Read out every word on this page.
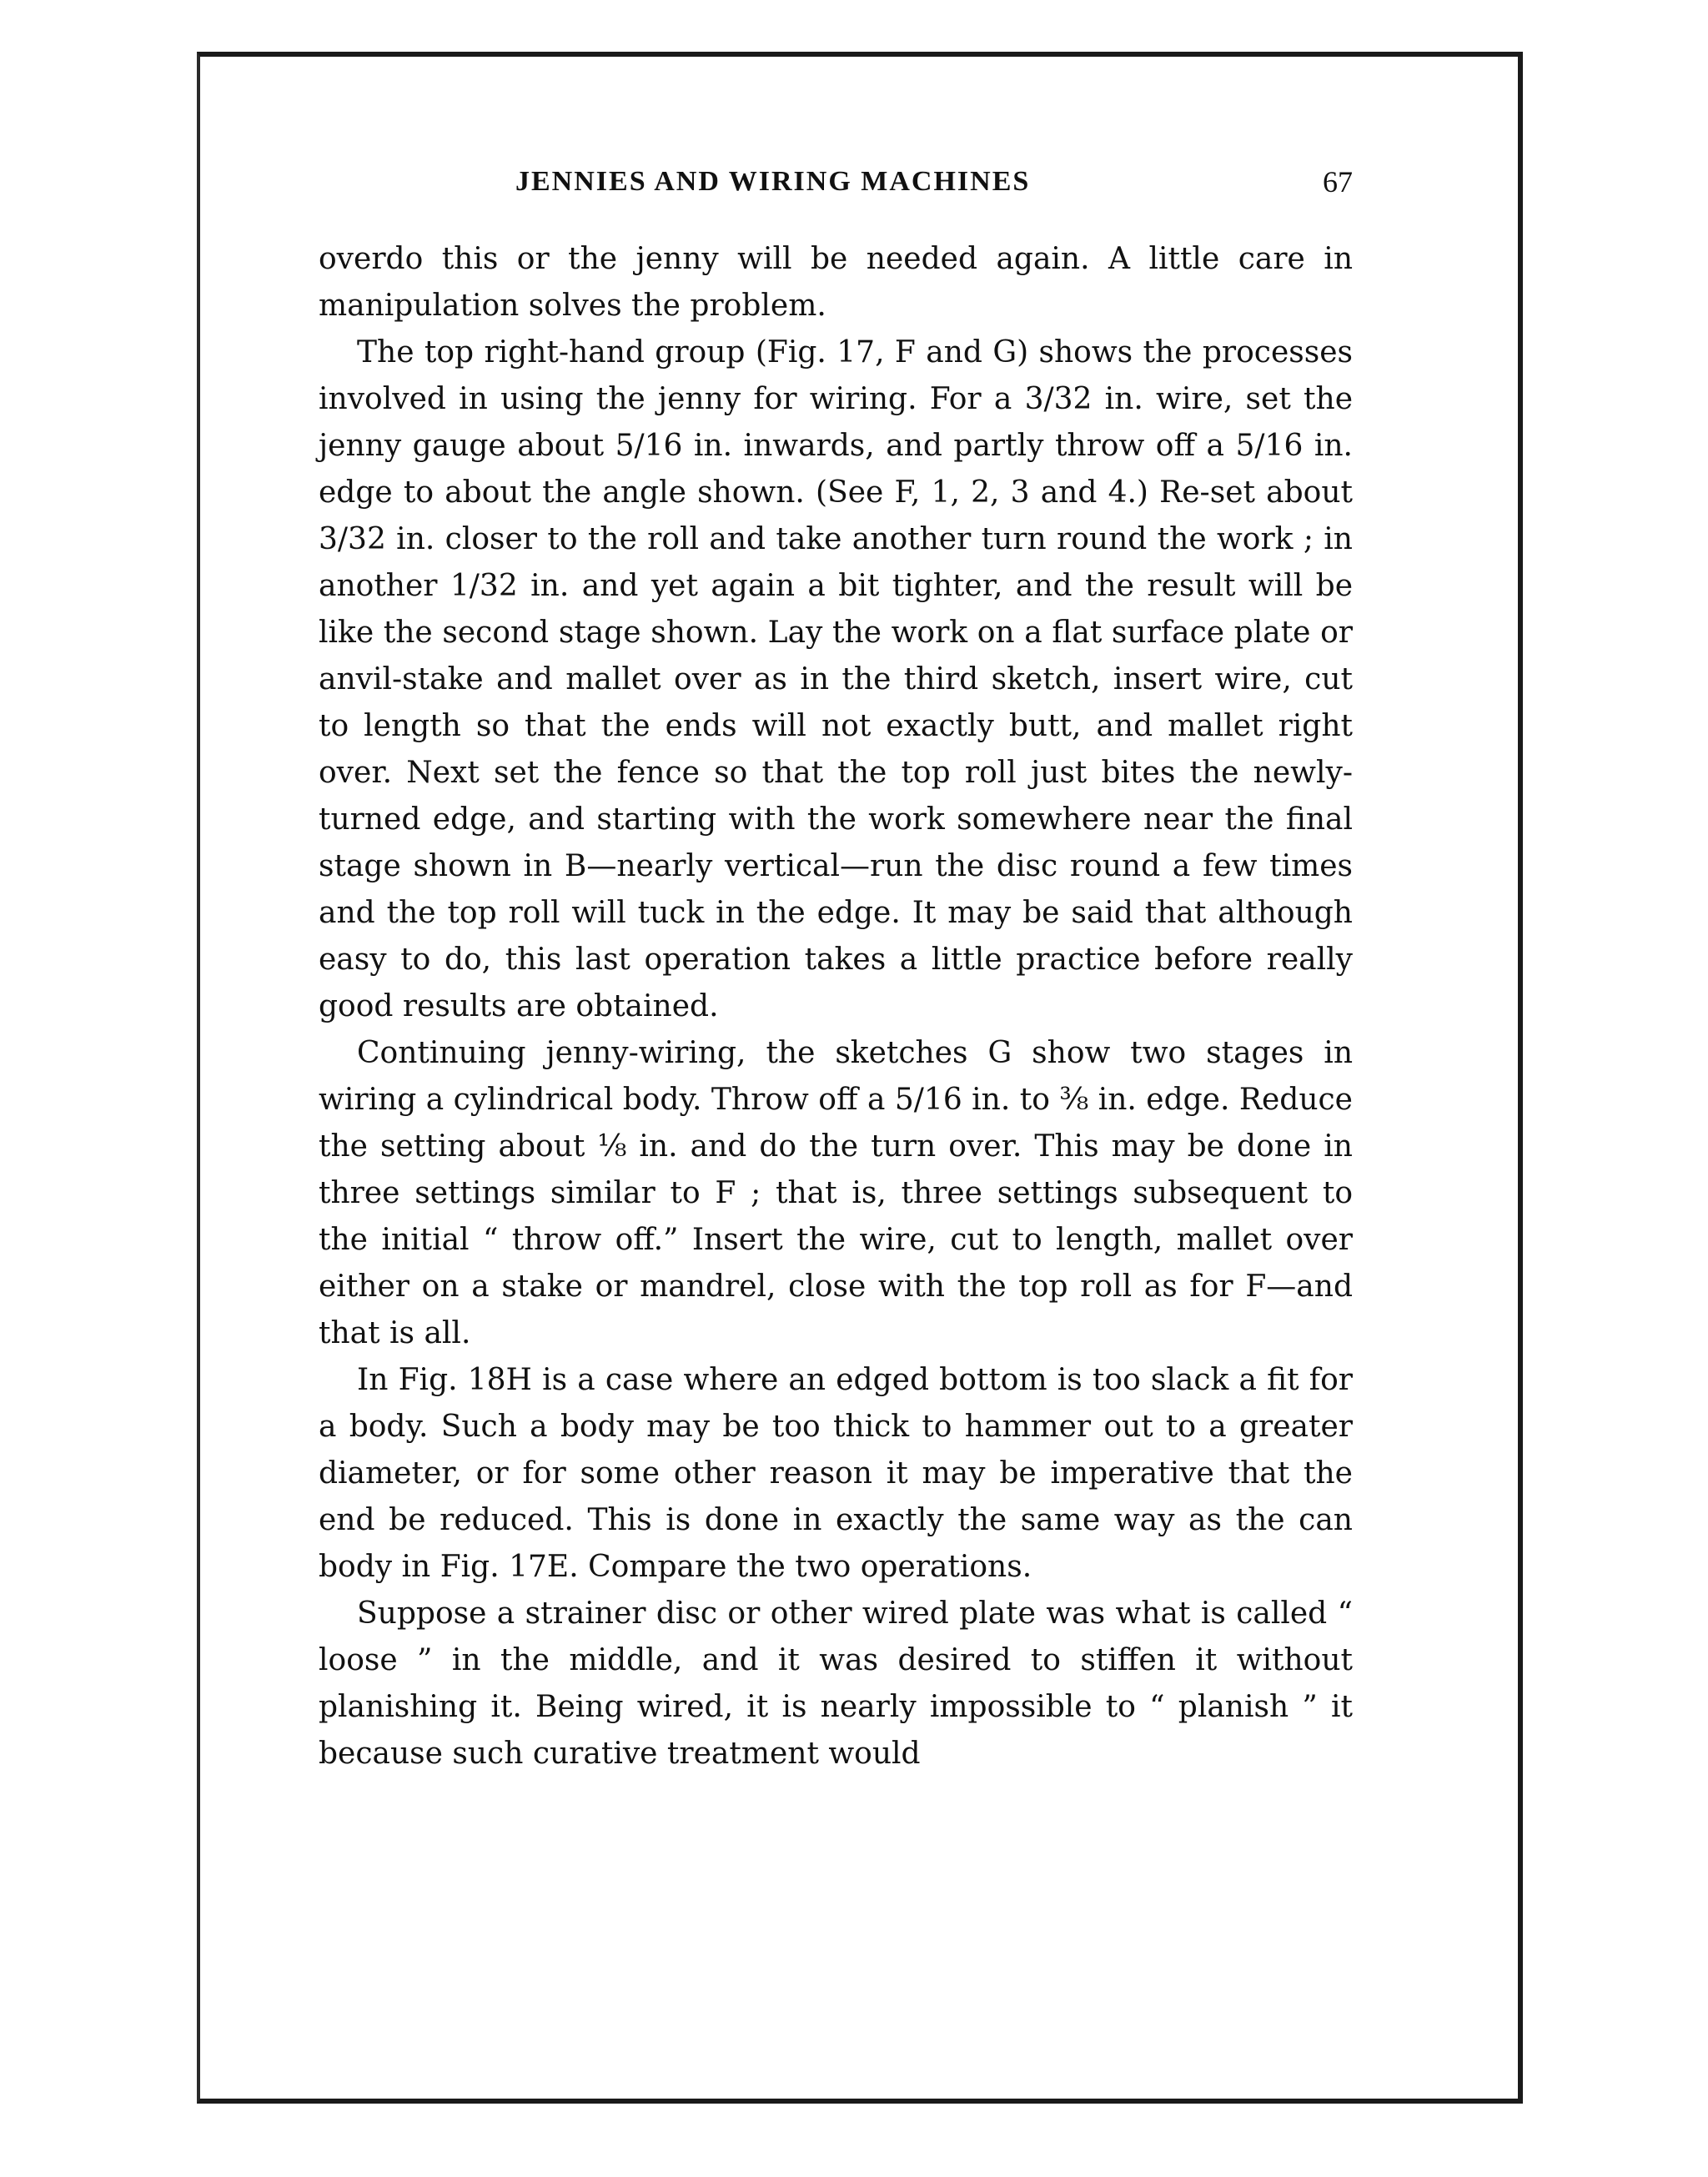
JENNIES AND WIRING MACHINES	67

overdo this or the jenny will be needed again. A little care in manipulation solves the problem.

The top right-hand group (Fig. 17, F and G) shows the processes involved in using the jenny for wiring. For a 3/32 in. wire, set the jenny gauge about 5/16 in. inwards, and partly throw off a 5/16 in. edge to about the angle shown. (See F, 1, 2, 3 and 4.) Re-set about 3/32 in. closer to the roll and take another turn round the work ; in another 1/32 in. and yet again a bit tighter, and the result will be like the second stage shown. Lay the work on a flat surface plate or anvil-stake and mallet over as in the third sketch, insert wire, cut to length so that the ends will not exactly butt, and mallet right over. Next set the fence so that the top roll just bites the newly-turned edge, and starting with the work somewhere near the final stage shown in B—nearly vertical—run the disc round a few times and the top roll will tuck in the edge. It may be said that although easy to do, this last operation takes a little practice before really good results are obtained.

Continuing jenny-wiring, the sketches G show two stages in wiring a cylindrical body. Throw off a 5/16 in. to ⅜ in. edge. Reduce the setting about ⅛ in. and do the turn over. This may be done in three settings similar to F ; that is, three settings subsequent to the initial “ throw off.” Insert the wire, cut to length, mallet over either on a stake or mandrel, close with the top roll as for F—and that is all.

In Fig. 18H is a case where an edged bottom is too slack a fit for a body. Such a body may be too thick to hammer out to a greater diameter, or for some other reason it may be imperative that the end be reduced. This is done in exactly the same way as the can body in Fig. 17E. Compare the two operations.

Suppose a strainer disc or other wired plate was what is called “ loose ” in the middle, and it was desired to stiffen it without planishing it. Being wired, it is nearly impossible to “ planish ” it because such curative treatment would
